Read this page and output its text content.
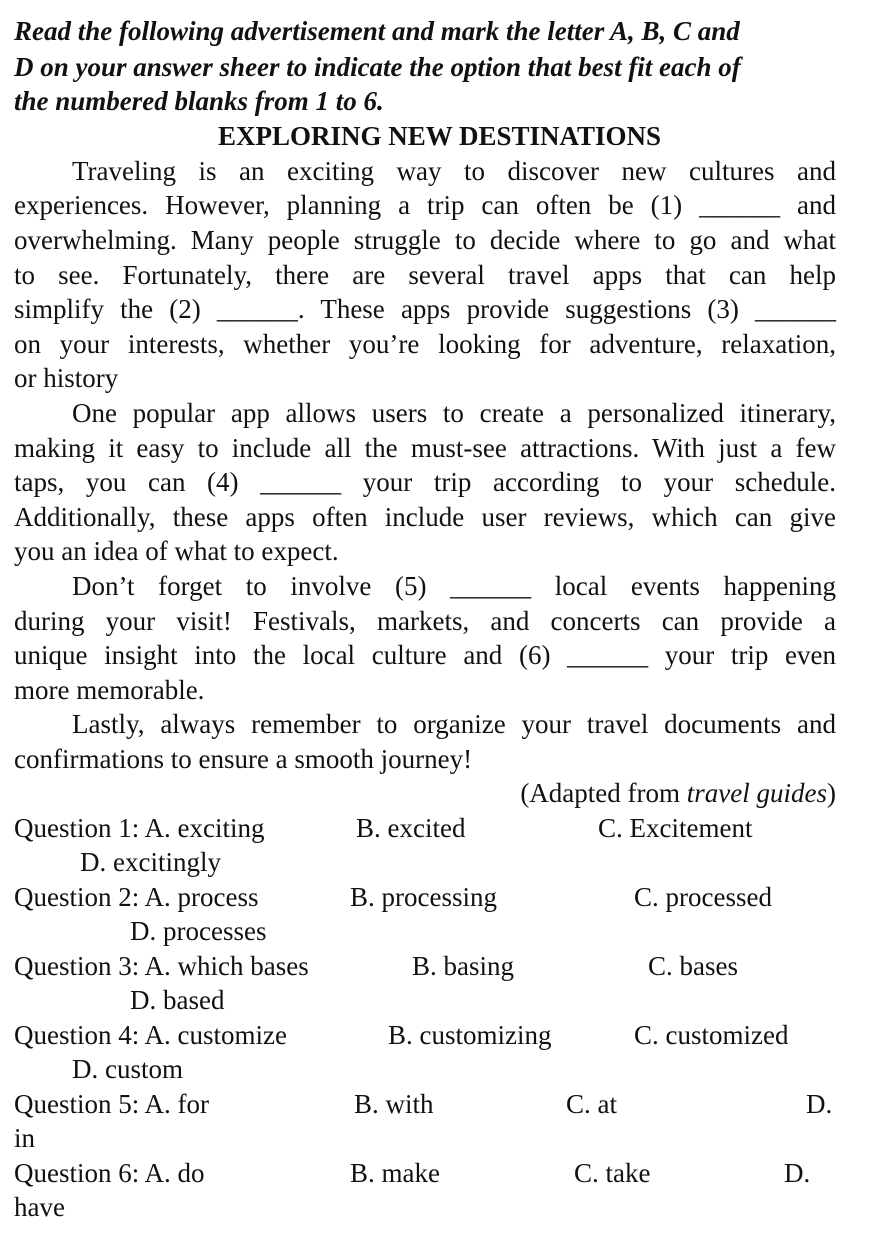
Read the following advertisement and mark the letter A, B, C and
D on your answer sheer to indicate the option that best fit each of
the numbered blanks from 1 to 6.
EXPLORING NEW DESTINATIONS
Traveling is an exciting way to discover new cultures and
experiences. However, planning a trip can often be (1) ______ and
overwhelming. Many people struggle to decide where to go and what
to see. Fortunately, there are several travel apps that can help
simplify the (2) ______. These apps provide suggestions (3) ______
on your interests, whether you’re looking for adventure, relaxation,
or history
One popular app allows users to create a personalized itinerary,
making it easy to include all the must-see attractions. With just a few
taps, you can (4) ______ your trip according to your schedule.
Additionally, these apps often include user reviews, which can give
you an idea of what to expect.
Don’t forget to involve (5) ______ local events happening
during your visit! Festivals, markets, and concerts can provide a
unique insight into the local culture and (6) ______ your trip even
more memorable.
Lastly, always remember to organize your travel documents and
confirmations to ensure a smooth journey!
(Adapted from travel guides)
Question 1: A. exciting	B. excited	C. Excitement
D. excitingly
Question 2: A. process	B. processing	C. processed
D. processes
Question 3: A. which bases	B. basing	C. bases
D. based
Question 4: A. customize	B. customizing	C. customized
D. custom
Question 5: A. for	B. with	C. at	D.
in
Question 6: A. do	B. make	C. take	D.
have
